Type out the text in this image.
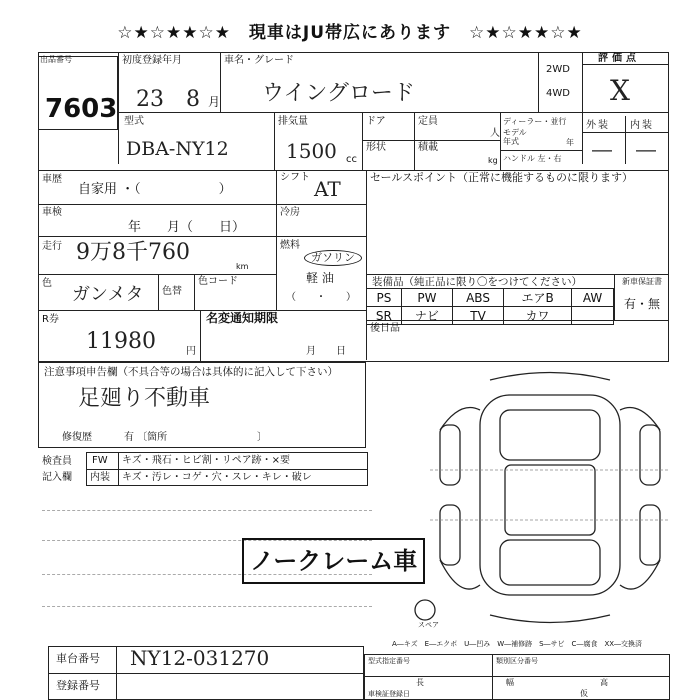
☆★☆★★☆★　現車はJU帯広にあります　☆★☆★★☆★
出品番号
7603
初度登録年月
23 8 月
車名・グレード
ウイングロード
2WD
4WD
評価点
X
型式
DBA-NY12
排気量
1500 cc
ドア	定員
人
ディーラー・並行
モデル
年式	年
形状	積載
kg ハンドル 左・右
外装 内装
― ―
車歴
自家用 ・（　　　　　　）
シフト AT	セールスポイント（正常に機能するものに限ります）
車検
年　　月（　　日）
冷房
走行 9万8千760
km
燃料
ガソリン
軽 油
（　　・　　）
色
ガンメタ 色替
色コード
R券
11980	円
名変通知期限
月　　日
装備品（純正品に限り〇をつけてください）	新車保証書
有・無
PS	PW	ABS	エアB	AW
SR	ナビ	TV	カワ	
後日品
注意事項申告欄（不具合等の場合は具体的に記入して下さい）
足廻り不動車
修復歴	有 〔箇所　　　　　　　　　〕
検査員
記入欄
FW キズ・飛石・ヒビ割・リペア跡・×要
内装 キズ・汚レ・コゲ・穴・スレ・キレ・破レ
ノークレーム車
スペア
A―キズ　E―エクボ　U―凹み　W―補修跡　S―サビ　C―腐食　XX―交換済
車台番号 NY12-031270
登録番号
型式指定番号	類別区分番号
長	幅	高
車検証登録日	仮
